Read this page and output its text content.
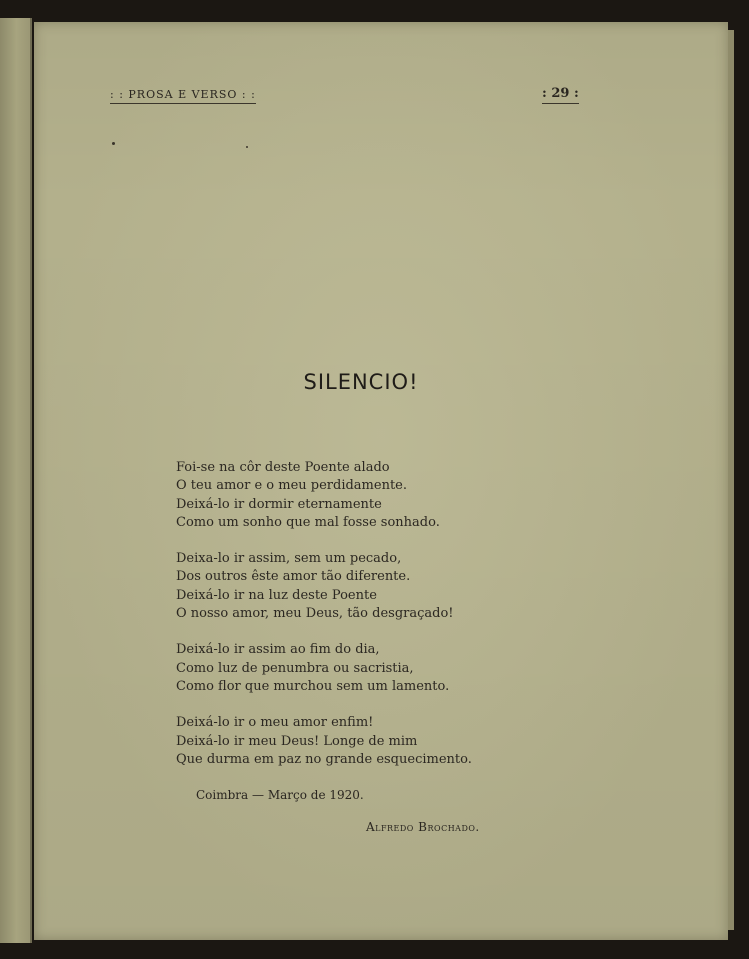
: : PROSA E VERSO : :	: 29 :
SILENCIO!
Foi-se na côr deste Poente alado
O teu amor e o meu perdidamente.
Deixá-lo ir dormir eternamente
Como um sonho que mal fosse sonhado.
Deixa-lo ir assim, sem um pecado,
Dos outros êste amor tão diferente.
Deixá-lo ir na luz deste Poente
O nosso amor, meu Deus, tão desgraçado!
Deixá-lo ir assim ao fim do dia,
Como luz de penumbra ou sacristia,
Como flor que murchou sem um lamento.
Deixá-lo ir o meu amor enfim!
Deixá-lo ir meu Deus! Longe de mim
Que durma em paz no grande esquecimento.
Coimbra — Março de 1920.
Alfredo Brochado.
